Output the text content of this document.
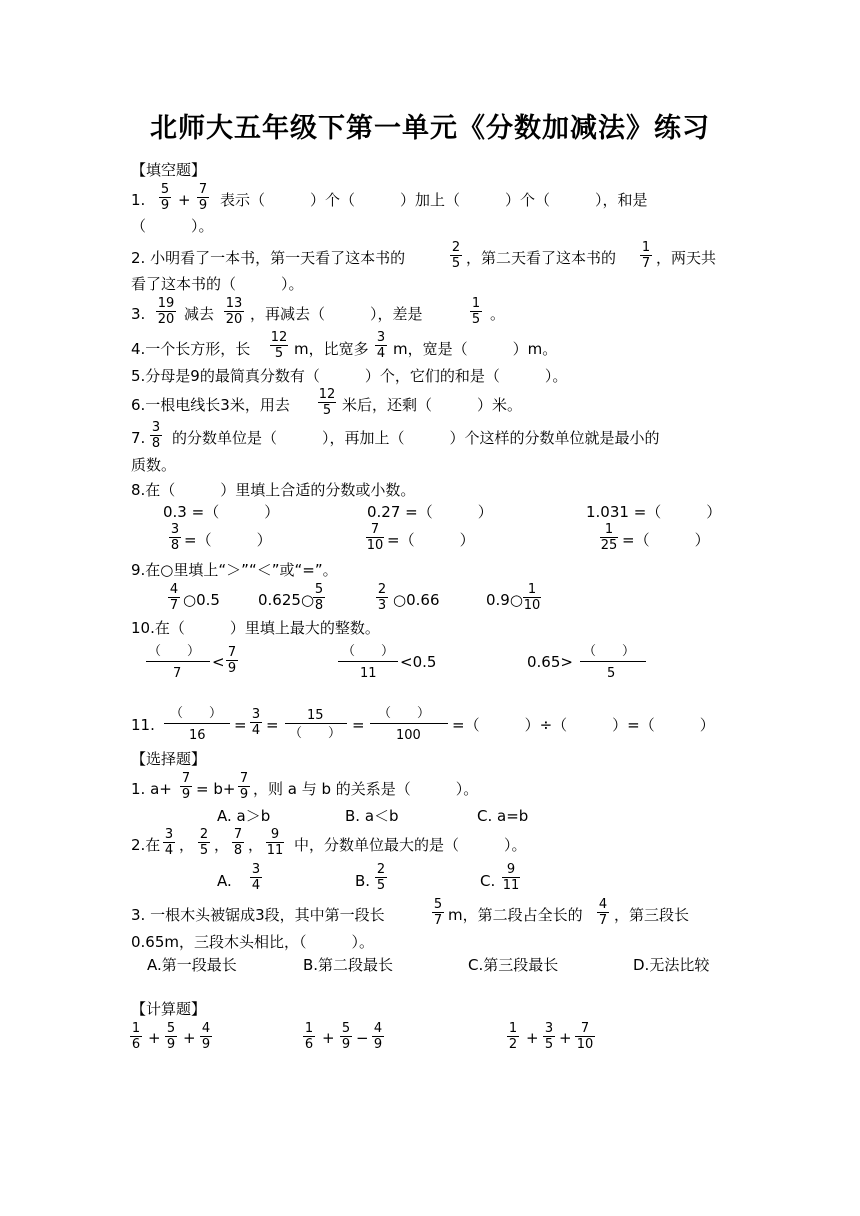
北师大五年级下第一单元《分数加减法》练习
【填空题】
1. $\frac{5}{9} + \frac{7}{9}$ 表示（　　　）个（　　　）加上（　　　）个（　　　），和是
（　　　）。
2. 小明看了一本书，第一天看了这本书的	$\frac{2}{5}$ ，第二天看了这本书的 $\frac{1}{7}$ ，两天共
看了这本书的（　　　）。
3. $\frac{19}{20}$ 减去 $\frac{13}{20}$ ，再减去（　　　），差是	$\frac{1}{5}$ 。
4.一个长方形，长 $\frac{12}{5}$ m，比宽多 $\frac{3}{4}$ m，宽是（　　　）m。
5.分母是9的最简真分数有（　　　）个，它们的和是（　　　）。
6.一根电线长3米，用去 $\frac{12}{5}$ 米后，还剩（　　　）米。
7. $\frac{3}{8}$ 的分数单位是（　　　），再加上（　　　）个这样的分数单位就是最小的
质数。
8.在（　　　）里填上合适的分数或小数。
0.3 =（　　　）	0.27 =（　　　）	1.031 =（　　　）
$\frac{3}{8}$ =（　　　）	$\frac{7}{10}$ =（　　　）	$\frac{1}{25}$ =（　　　）
9.在○里填上“＞”“＜”或“=”。
$\frac{4}{7}$ ○0.5	0.625○
$\frac{5}{8}$	$\frac{2}{3}$ ○0.66	0.9○ $\frac{1}{10}$
10.在（　　　）里填上最大的整数。
（　　）
7
< $\frac{7}{9}$	（　　）
11
<0.5	0.65>
（　　）
5
11.
（　　）
16
= $\frac{3}{4}$ =
15
（　　） =
（　　）
100
=（　　　）÷（　　　）=（　　　）
【选择题】
1. $a+ \frac{7}{9} = b+ \frac{7}{9}$ ，则 a 与 b 的关系是（　　　）。
A. a＞b	B. a＜b	C. a=b
2.在 $\frac{3}{4}$ ， $\frac{2}{5}$ ， $\frac{7}{8}$ ， $\frac{9}{11}$ 中，分数单位最大的是（　　　）。
A. $\frac{3}{4}$	B. $\frac{2}{5}$	C. $\frac{9}{11}$
3. 一根木头被锯成3段，其中第一段长	$\frac{5}{7}$ m，第二段占全长的 $\frac{4}{7}$ ，第三段长
0.65m，三段木头相比，（　　　）。
A.第一段最长	B.第二段最长	C.第三段最长	D.无法比较
【计算题】
$\frac{1}{6} + \frac{5}{9} + \frac{4}{9}$	$\frac{1}{6} + \frac{5}{9} - \frac{4}{9}$	$\frac{1}{2} + \frac{3}{5} + \frac{7}{10}$
